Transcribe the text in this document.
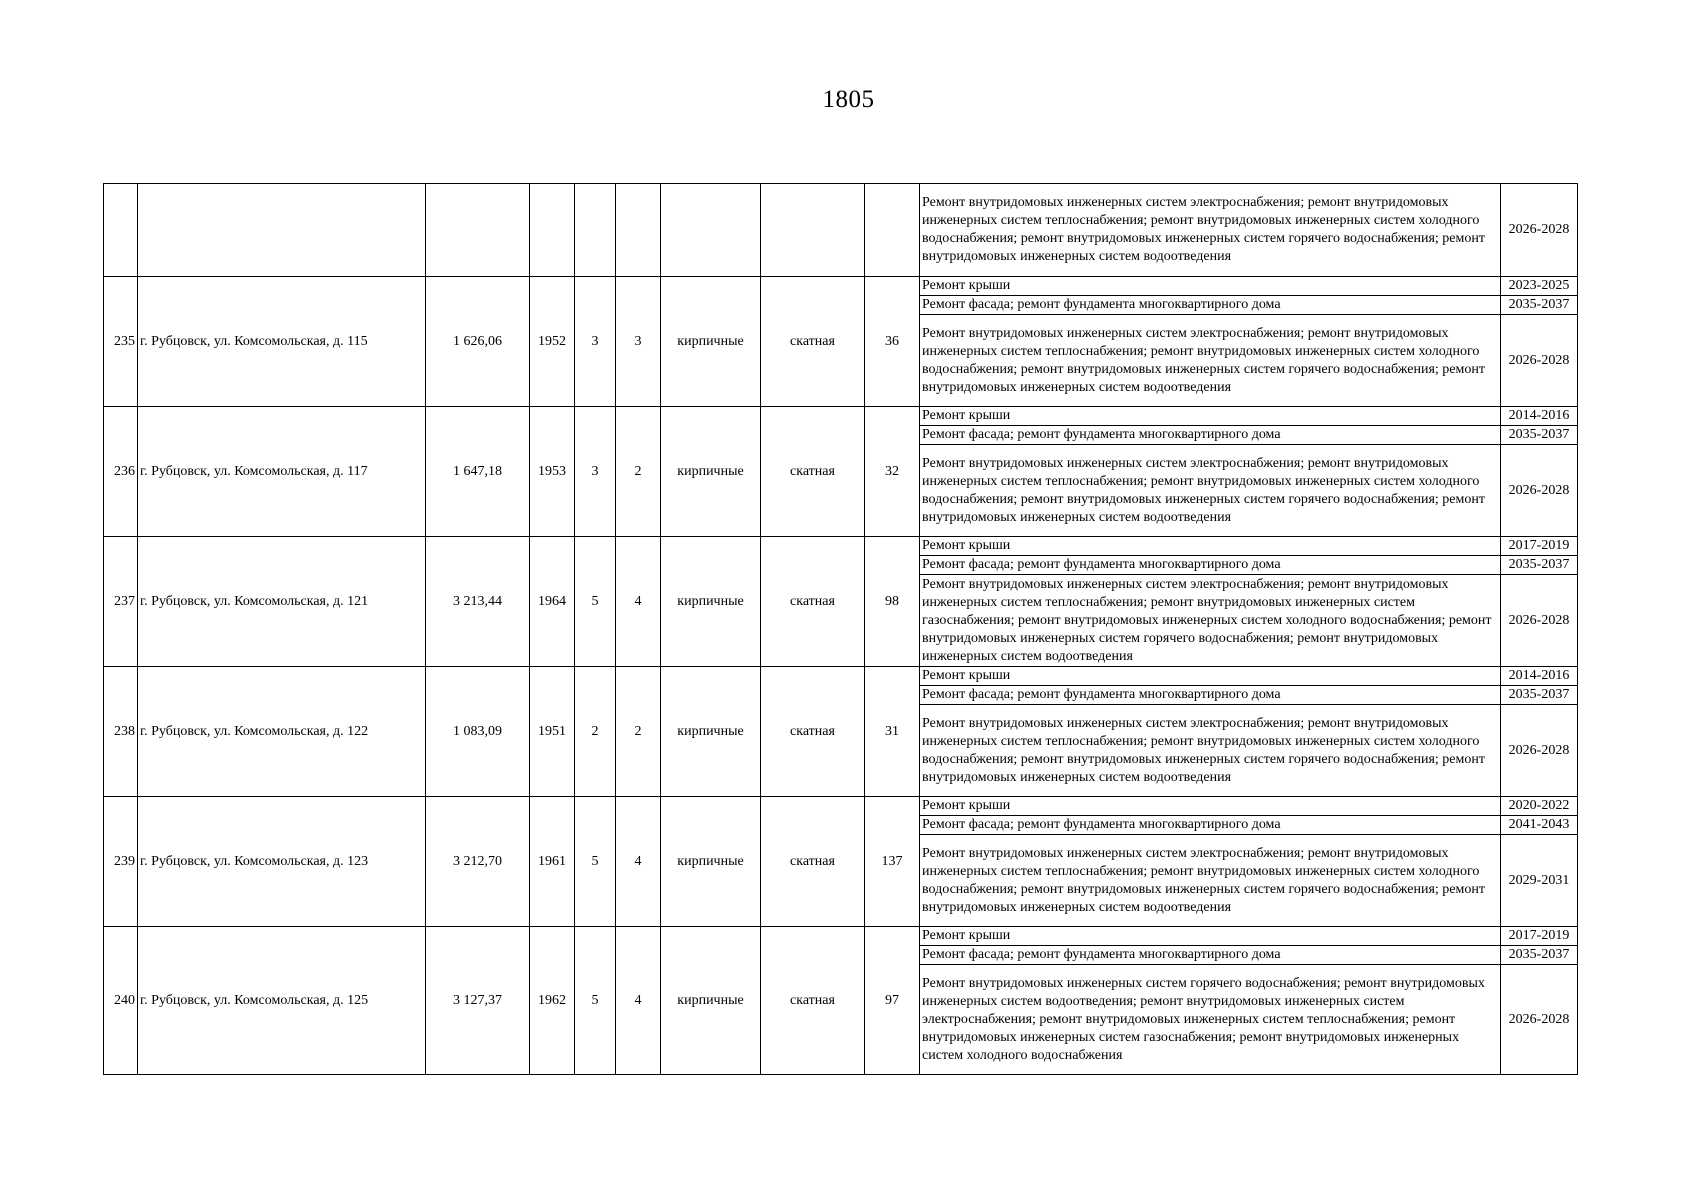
1805
									Ремонт внутридомовых инженерных систем электроснабжения; ремонт внутридомовых инженерных систем теплоснабжения; ремонт внутридомовых инженерных систем холодного водоснабжения; ремонт внутридомовых инженерных систем горячего водоснабжения; ремонт внутридомовых инженерных систем водоотведения	2026-2028
235	г. Рубцовск, ул. Комсомольская, д. 115	1 626,06	1952	3	3	кирпичные	скатная	36	Ремонт крыши	2023-2025
									Ремонт фасада; ремонт фундамента многоквартирного дома	2035-2037
									Ремонт внутридомовых инженерных систем электроснабжения; ремонт внутридомовых инженерных систем теплоснабжения; ремонт внутридомовых инженерных систем холодного водоснабжения; ремонт внутридомовых инженерных систем горячего водоснабжения; ремонт внутридомовых инженерных систем водоотведения	2026-2028
236	г. Рубцовск, ул. Комсомольская, д. 117	1 647,18	1953	3	2	кирпичные	скатная	32	Ремонт крыши	2014-2016
									Ремонт фасада; ремонт фундамента многоквартирного дома	2035-2037
									Ремонт внутридомовых инженерных систем электроснабжения; ремонт внутридомовых инженерных систем теплоснабжения; ремонт внутридомовых инженерных систем холодного водоснабжения; ремонт внутридомовых инженерных систем горячего водоснабжения; ремонт внутридомовых инженерных систем водоотведения	2026-2028
237	г. Рубцовск, ул. Комсомольская, д. 121	3 213,44	1964	5	4	кирпичные	скатная	98	Ремонт крыши	2017-2019
									Ремонт фасада; ремонт фундамента многоквартирного дома	2035-2037
									Ремонт внутридомовых инженерных систем электроснабжения; ремонт внутридомовых инженерных систем теплоснабжения; ремонт внутридомовых инженерных систем газоснабжения; ремонт внутридомовых инженерных систем холодного водоснабжения; ремонт внутридомовых инженерных систем горячего водоснабжения; ремонт внутридомовых инженерных систем водоотведения	2026-2028
238	г. Рубцовск, ул. Комсомольская, д. 122	1 083,09	1951	2	2	кирпичные	скатная	31	Ремонт крыши	2014-2016
									Ремонт фасада; ремонт фундамента многоквартирного дома	2035-2037
									Ремонт внутридомовых инженерных систем электроснабжения; ремонт внутридомовых инженерных систем теплоснабжения; ремонт внутридомовых инженерных систем холодного водоснабжения; ремонт внутридомовых инженерных систем горячего водоснабжения; ремонт внутридомовых инженерных систем водоотведения	2026-2028
239	г. Рубцовск, ул. Комсомольская, д. 123	3 212,70	1961	5	4	кирпичные	скатная	137	Ремонт крыши	2020-2022
									Ремонт фасада; ремонт фундамента многоквартирного дома	2041-2043
									Ремонт внутридомовых инженерных систем электроснабжения; ремонт внутридомовых инженерных систем теплоснабжения; ремонт внутридомовых инженерных систем холодного водоснабжения; ремонт внутридомовых инженерных систем горячего водоснабжения; ремонт внутридомовых инженерных систем водоотведения	2029-2031
240	г. Рубцовск, ул. Комсомольская, д. 125	3 127,37	1962	5	4	кирпичные	скатная	97	Ремонт крыши	2017-2019
									Ремонт фасада; ремонт фундамента многоквартирного дома	2035-2037
									Ремонт внутридомовых инженерных систем горячего водоснабжения; ремонт внутридомовых инженерных систем водоотведения; ремонт внутридомовых инженерных систем электроснабжения; ремонт внутридомовых инженерных систем теплоснабжения; ремонт внутридомовых инженерных систем газоснабжения; ремонт внутридомовых инженерных систем холодного водоснабжения	2026-2028
